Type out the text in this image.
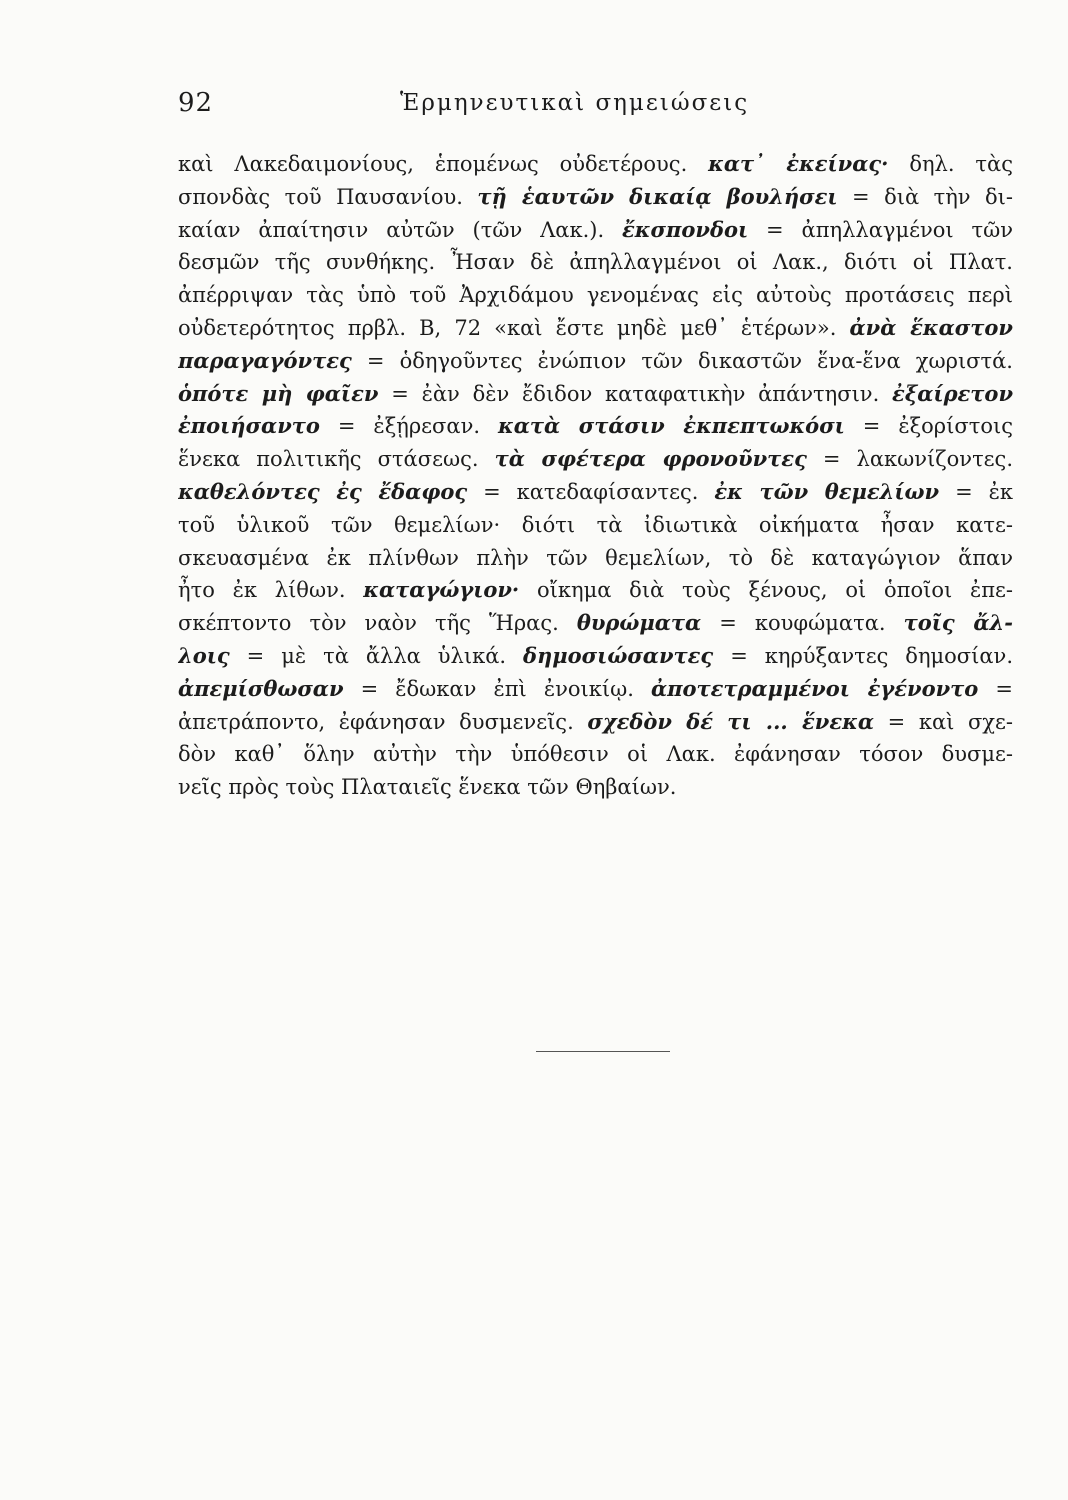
92	Ἑρμηνευτικαὶ σημειώσεις
καὶ Λακεδαιμονίους, ἑπομένως οὐδετέρους. κατ᾽ ἐκείνας· δηλ. τὰς
σπονδὰς τοῦ Παυσανίου. τῇ ἑαυτῶν δικαίᾳ βουλήσει = διὰ τὴν δι-
καίαν ἀπαίτησιν αὐτῶν (τῶν Λακ.). ἔκσπονδοι = ἀπηλλαγμένοι τῶν
δεσμῶν τῆς συνθήκης. Ἦσαν δὲ ἀπηλλαγμένοι οἱ Λακ., διότι οἱ Πλατ.
ἀπέρριψαν τὰς ὑπὸ τοῦ Ἀρχιδάμου γενομένας εἰς αὐτοὺς προτάσεις περὶ
οὐδετερότητος πρβλ. Β, 72 «καὶ ἔστε μηδὲ μεθ᾽ ἑτέρων». ἀνὰ ἕκαστον
παραγαγόντες = ὁδηγοῦντες ἐνώπιον τῶν δικαστῶν ἕνα-ἕνα χωριστά.
ὁπότε μὴ φαῖεν = ἐὰν δὲν ἔδιδον καταφατικὴν ἀπάντησιν. ἐξαίρετον
ἐποιήσαντο = ἐξῄρεσαν. κατὰ στάσιν ἐκπεπτωκόσι = ἐξορίστοις
ἕνεκα πολιτικῆς στάσεως. τὰ σφέτερα φρονοῦντες = λακωνίζοντες.
καθελόντες ἐς ἔδαφος = κατεδαφίσαντες. ἐκ τῶν θεμελίων = ἐκ
τοῦ ὑλικοῦ τῶν θεμελίων· διότι τὰ ἰδιωτικὰ οἰκήματα ἦσαν κατε-
σκευασμένα ἐκ πλίνθων πλὴν τῶν θεμελίων, τὸ δὲ καταγώγιον ἅπαν
ἦτο ἐκ λίθων. καταγώγιον· οἴκημα διὰ τοὺς ξένους, οἱ ὁποῖοι ἐπε-
σκέπτοντο τὸν ναὸν τῆς Ἥρας. θυρώματα = κουφώματα. τοῖς ἄλ-
λοις = μὲ τὰ ἄλλα ὑλικά. δημοσιώσαντες = κηρύξαντες δημοσίαν.
ἀπεμίσθωσαν = ἔδωκαν ἐπὶ ἐνοικίῳ. ἀποτετραμμένοι ἐγένοντο =
ἀπετράποντο, ἐφάνησαν δυσμενεῖς. σχεδὸν δέ τι ... ἕνεκα = καὶ σχε-
δὸν καθ᾽ ὅλην αὐτὴν τὴν ὑπόθεσιν οἱ Λακ. ἐφάνησαν τόσον δυσμε-
νεῖς πρὸς τοὺς Πλαταιεῖς ἕνεκα τῶν Θηβαίων.
